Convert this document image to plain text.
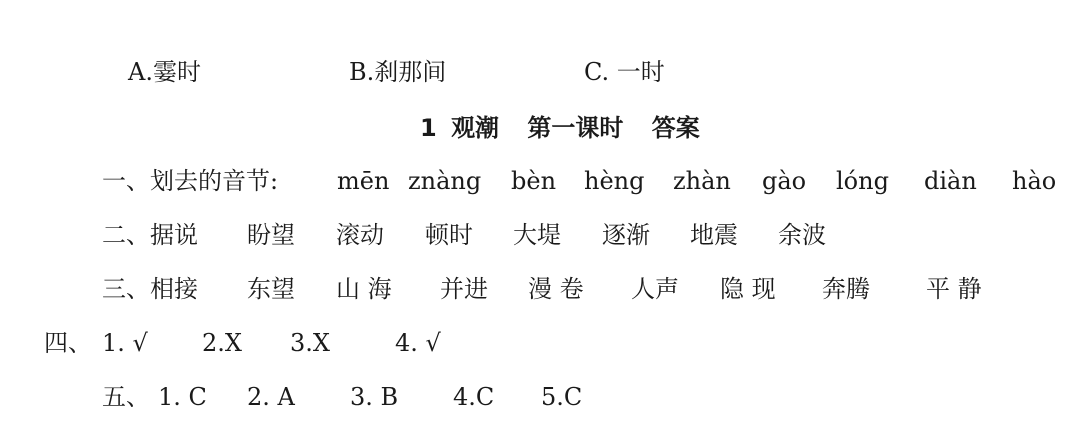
A.霎时	B.刹那间	C. 一时
1 观潮 第一课时 答案
一、划去的音节: mēn znàng bèn hèng zhàn gào lóng diàn hào
二、 据说 盼望 滚动 顿时 大堤 逐渐 地震 余波
三、 相接 东望 山 海 并进 漫 卷 人声 隐 现 奔腾 平 静
四、 1. √ 2.X 3.X	4. √
五、 1. C 2. A 3. B 4.C 5.C
